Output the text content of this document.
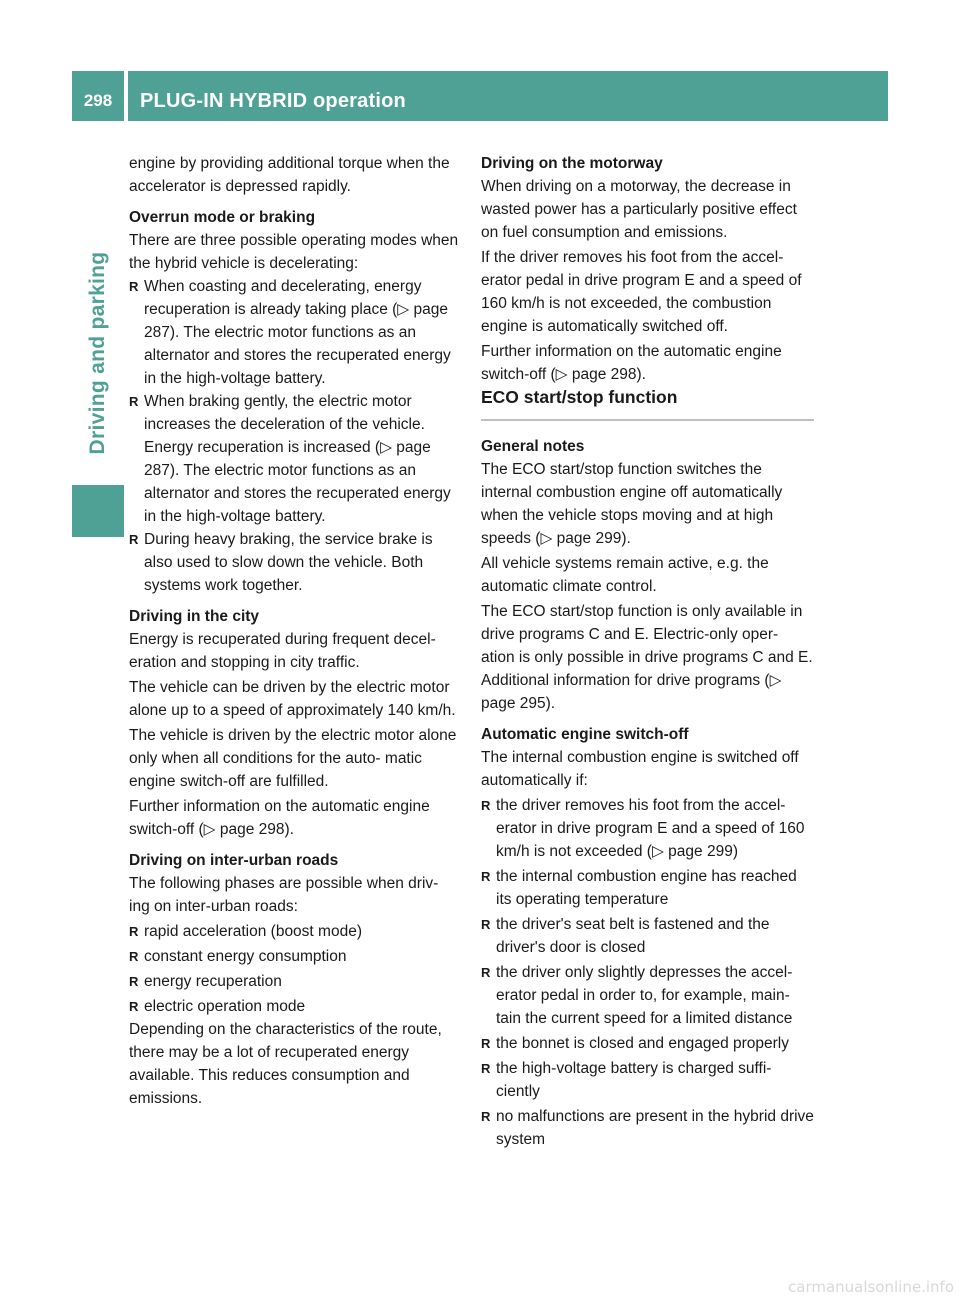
298	PLUG-IN HYBRID operation
Driving and parking

engine by providing additional torque when the accelerator is depressed rapidly.

Overrun mode or braking

There are three possible operating modes when the hybrid vehicle is decelerating:

R When coasting and decelerating, energy recuperation is already taking place (▷ page 287). The electric motor functions as an alternator and stores the recuperated energy in the high-voltage battery.
R When braking gently, the electric motor increases the deceleration of the vehicle. Energy recuperation is increased (▷ page 287). The electric motor functions as an alternator and stores the recuperated energy in the high-voltage battery.
R During heavy braking, the service brake is also used to slow down the vehicle. Both systems work together.

Driving in the city

Energy is recuperated during frequent decel- eration and stopping in city traffic.

The vehicle can be driven by the electric motor alone up to a speed of approximately 140 km/h.

The vehicle is driven by the electric motor alone only when all conditions for the auto- matic engine switch-off are fulfilled.

Further information on the automatic engine switch-off (▷ page 298).

Driving on inter-urban roads

The following phases are possible when driv- ing on inter-urban roads:

R rapid acceleration (boost mode)
R constant energy consumption
R energy recuperation
R electric operation mode

Depending on the characteristics of the route, there may be a lot of recuperated energy available. This reduces consumption and emissions.

Driving on the motorway

When driving on a motorway, the decrease in wasted power has a particularly positive effect on fuel consumption and emissions.

If the driver removes his foot from the accel- erator pedal in drive program E and a speed of 160 km/h is not exceeded, the combustion engine is automatically switched off.

Further information on the automatic engine switch-off (▷ page 298).

ECO start/stop function

General notes

The ECO start/stop function switches the internal combustion engine off automatically when the vehicle stops moving and at high speeds (▷ page 299).

All vehicle systems remain active, e.g. the automatic climate control.

The ECO start/stop function is only available in drive programs C and E. Electric-only oper- ation is only possible in drive programs C and E. Additional information for drive programs (▷ page 295).

Automatic engine switch-off

The internal combustion engine is switched off automatically if:

R the driver removes his foot from the accel- erator in drive program E and a speed of 160 km/h is not exceeded (▷ page 299)
R the internal combustion engine has reached its operating temperature
R the driver's seat belt is fastened and the driver's door is closed
R the driver only slightly depresses the accel- erator pedal in order to, for example, main- tain the current speed for a limited distance
R the bonnet is closed and engaged properly
R the high-voltage battery is charged suffi- ciently
R no malfunctions are present in the hybrid drive system
carmanualsonline.info
